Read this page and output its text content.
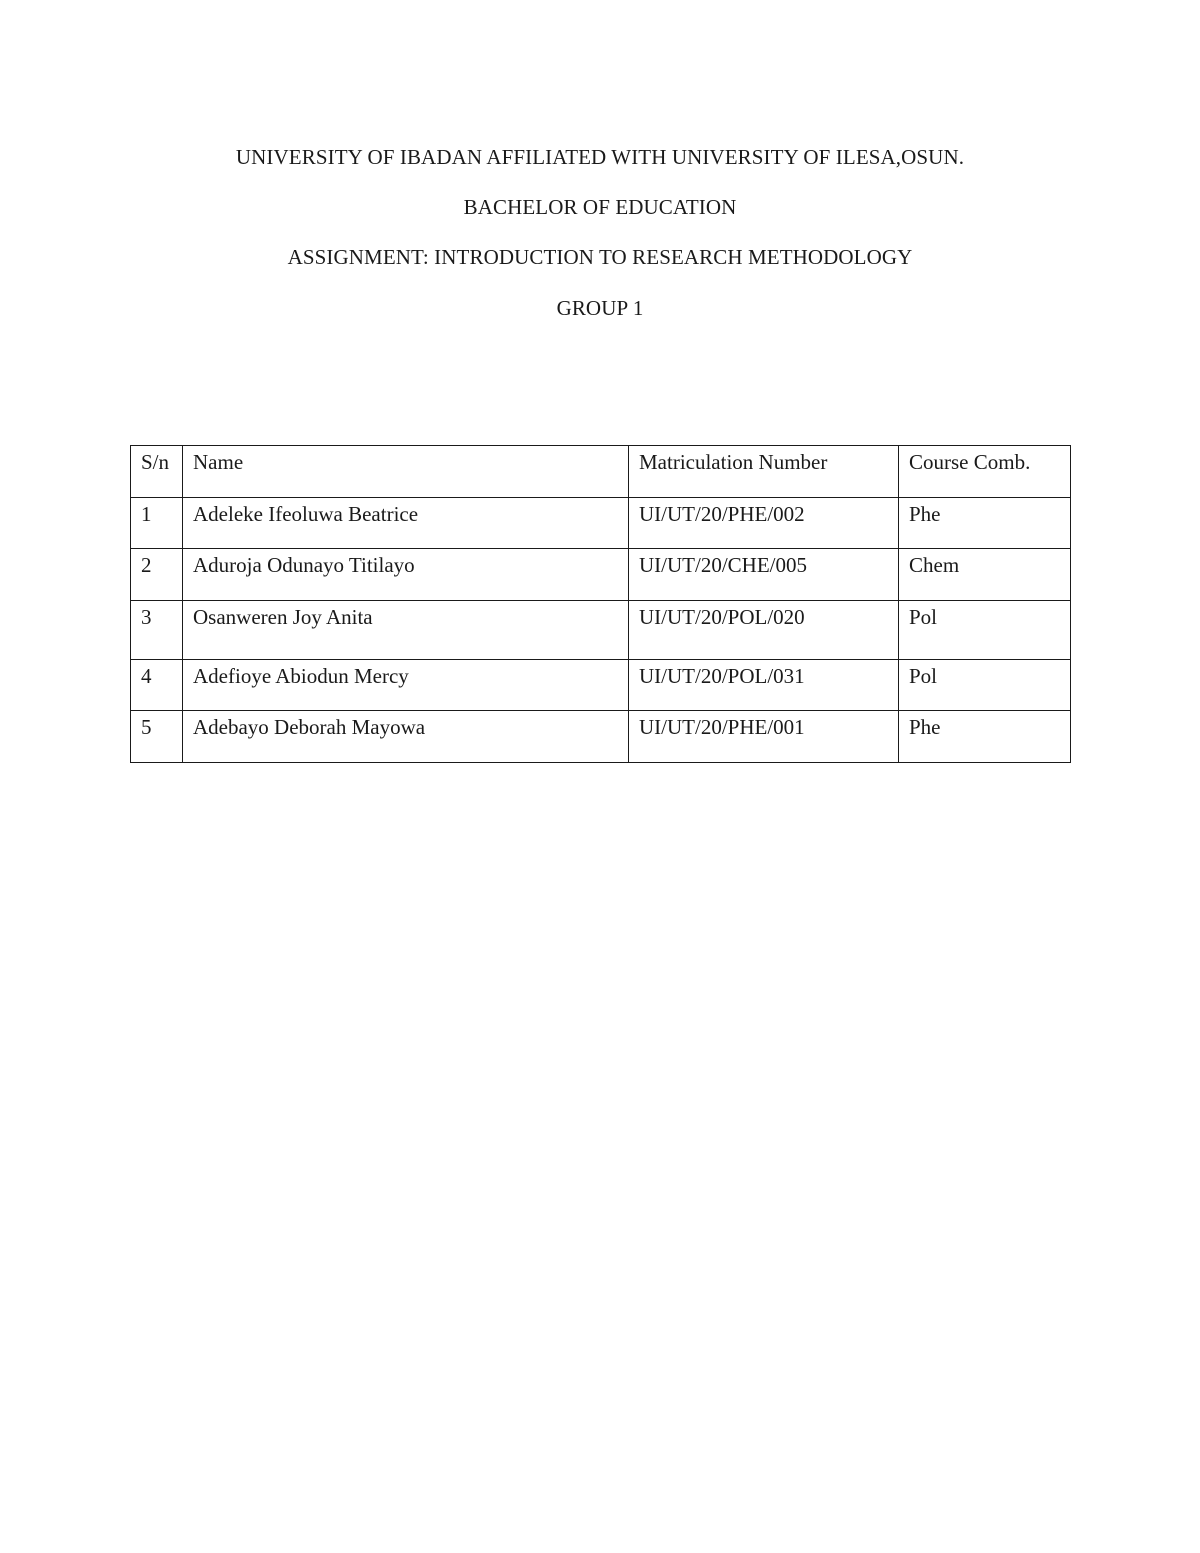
UNIVERSITY OF IBADAN AFFILIATED WITH UNIVERSITY OF ILESA,OSUN.
BACHELOR OF EDUCATION
ASSIGNMENT: INTRODUCTION TO RESEARCH METHODOLOGY
GROUP 1
S/n	Name	Matriculation Number	Course Comb.
1	Adeleke Ifeoluwa Beatrice	UI/UT/20/PHE/002	Phe
2	Aduroja Odunayo Titilayo	UI/UT/20/CHE/005	Chem
3	Osanweren Joy Anita	UI/UT/20/POL/020	Pol
4	Adefioye Abiodun Mercy	UI/UT/20/POL/031	Pol
5	Adebayo Deborah Mayowa	UI/UT/20/PHE/001	Phe
